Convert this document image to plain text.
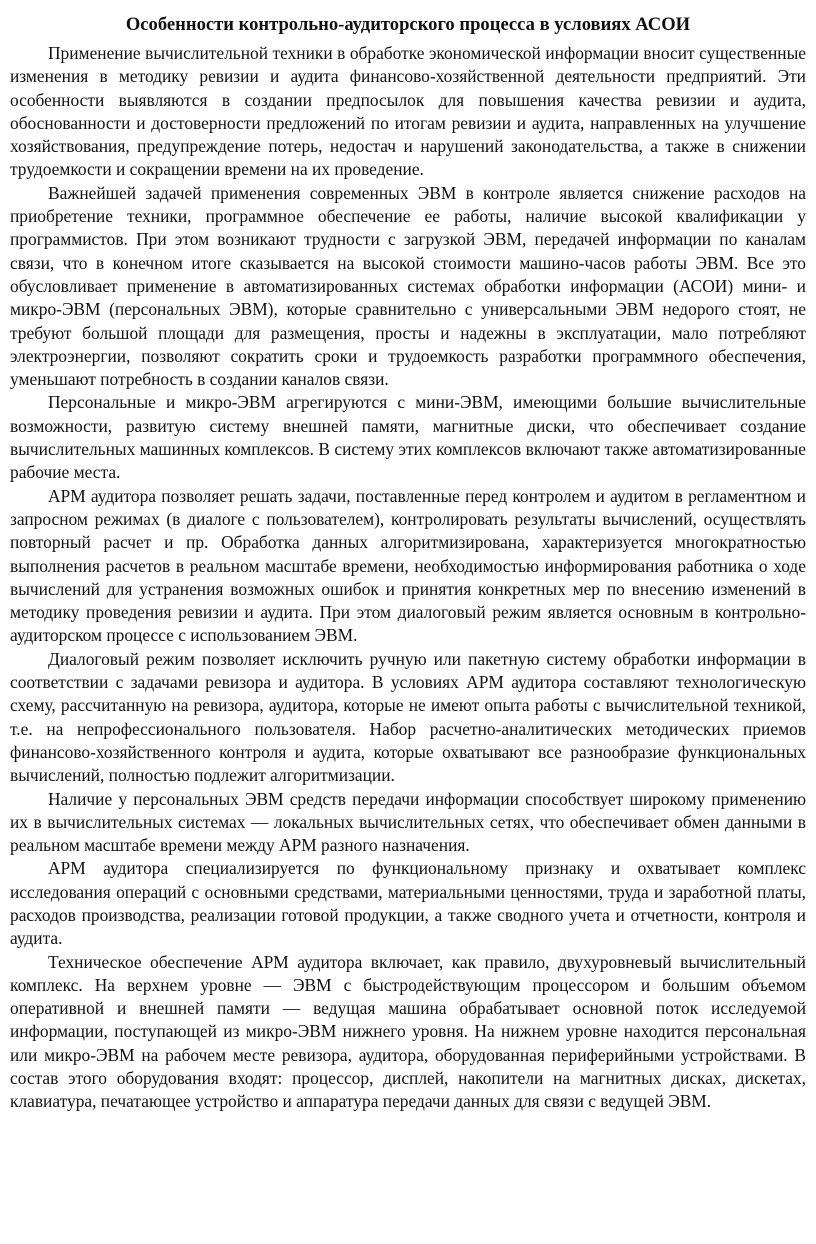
Особенности контрольно-аудиторского процесса в условиях АСОИ

Применение вычислительной техники в обработке экономической информации вносит существенные изменения в методику ревизии и аудита финансово-хозяйственной деятельности предприятий. Эти особенности выявляются в создании предпосылок для повышения качества ревизии и аудита, обоснованности и достоверности предложений по итогам ревизии и аудита, направленных на улучшение хозяйствования, предупреждение потерь, недостач и нарушений законодательства, а также в снижении трудоемкости и сокращении времени на их проведение.

Важнейшей задачей применения современных ЭВМ в контроле является снижение расходов на приобретение техники, программное обеспечение ее работы, наличие высокой квалификации у программистов. При этом возникают трудности с загрузкой ЭВМ, передачей информации по каналам связи, что в конечном итоге сказывается на высокой стоимости машино-часов работы ЭВМ. Все это обусловливает применение в автоматизированных системах обработки информации (АСОИ) мини- и микро-ЭВМ (персональных ЭВМ), которые сравнительно с универсальными ЭВМ недорого стоят, не требуют большой площади для размещения, просты и надежны в эксплуатации, мало потребляют электроэнергии, позволяют сократить сроки и трудоемкость разработки программного обеспечения, уменьшают потребность в создании каналов связи.

Персональные и микро-ЭВМ агрегируются с мини-ЭВМ, имеющими большие вычислительные возможности, развитую систему внешней памяти, магнитные диски, что обеспечивает создание вычислительных машинных комплексов. В систему этих комплексов включают также автоматизированные рабочие места.

АРМ аудитора позволяет решать задачи, поставленные перед контролем и аудитом в регламентном и запросном режимах (в диалоге с пользователем), контролировать результаты вычислений, осуществлять повторный расчет и пр. Обработка данных алгоритмизирована, характеризуется многократностью выполнения расчетов в реальном масштабе времени, необходимостью информирования работника о ходе вычислений для устранения возможных ошибок и принятия конкретных мер по внесению изменений в методику проведения ревизии и аудита. При этом диалоговый режим является основным в контрольно-аудиторском процессе с использованием ЭВМ.

Диалоговый режим позволяет исключить ручную или пакетную систему обработки информации в соответствии с задачами ревизора и аудитора. В условиях АРМ аудитора составляют технологическую схему, рассчитанную на ревизора, аудитора, которые не имеют опыта работы с вычислительной техникой, т.е. на непрофессионального пользователя. Набор расчетно-аналитических методических приемов финансово-хозяйственного контроля и аудита, которые охватывают все разнообразие функциональных вычислений, полностью подлежит алгоритмизации.

Наличие у персональных ЭВМ средств передачи информации способствует широкому применению их в вычислительных системах — локальных вычислительных сетях, что обеспечивает обмен данными в реальном масштабе времени между АРМ разного назначения.

АРМ аудитора специализируется по функциональному признаку и охватывает комплекс исследования операций с основными средствами, материальными ценностями, труда и заработной платы, расходов производства, реализации готовой продукции, а также сводного учета и отчетности, контроля и аудита.

Техническое обеспечение АРМ аудитора включает, как правило, двухуровневый вычислительный комплекс. На верхнем уровне — ЭВМ с быстродействующим процессором и большим объемом оперативной и внешней памяти — ведущая машина обрабатывает основной поток исследуемой информации, поступающей из микро-ЭВМ нижнего уровня. На нижнем уровне находится персональная или микро-ЭВМ на рабочем месте ревизора, аудитора, оборудованная периферийными устройствами. В состав этого оборудования входят: процессор, дисплей, накопители на магнитных дисках, дискетах, клавиатура, печатающее устройство и аппаратура передачи данных для связи с ведущей ЭВМ.
